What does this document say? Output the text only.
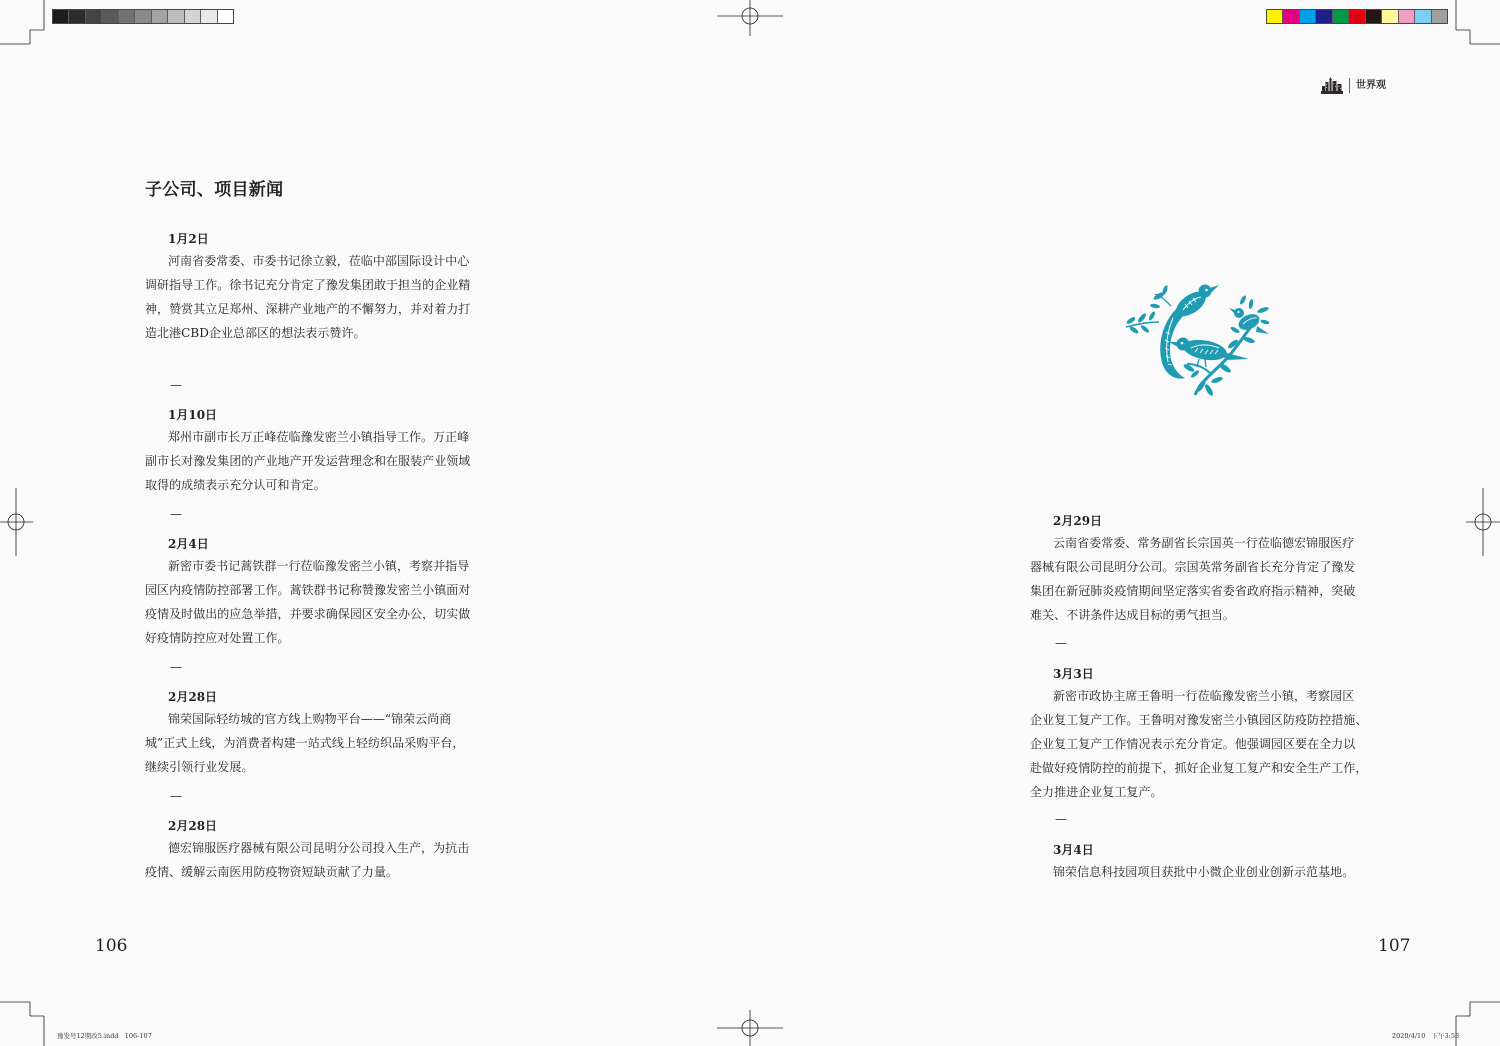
世界观
子公司、项目新闻
1月2日
河南省委常委、市委书记徐立毅，莅临中部国际设计中心
调研指导工作。徐书记充分肯定了豫发集团敢于担当的企业精
神，赞赏其立足郑州、深耕产业地产的不懈努力，并对着力打
造北港CBD企业总部区的想法表示赞许。
—
1月10日
郑州市副市长万正峰莅临豫发密兰小镇指导工作。万正峰
副市长对豫发集团的产业地产开发运营理念和在服装产业领域
取得的成绩表示充分认可和肯定。
—
2月4日
新密市委书记蒿铁群一行莅临豫发密兰小镇，考察并指导
园区内疫情防控部署工作。蒿铁群书记称赞豫发密兰小镇面对
疫情及时做出的应急举措，并要求确保园区安全办公，切实做
好疫情防控应对处置工作。
—
2月28日
锦荣国际轻纺城的官方线上购物平台——“锦荣云尚商
城”正式上线，为消费者构建一站式线上轻纺织品采购平台，
继续引领行业发展。
—
2月28日
德宏锦服医疗器械有限公司昆明分公司投入生产，为抗击
疫情、缓解云南医用防疫物资短缺贡献了力量。
106
2月29日
云南省委常委、常务副省长宗国英一行莅临德宏锦服医疗
器械有限公司昆明分公司。宗国英常务副省长充分肯定了豫发
集团在新冠肺炎疫情期间坚定落实省委省政府指示精神，突破
难关、不讲条件达成目标的勇气担当。
—
3月3日
新密市政协主席王鲁明一行莅临豫发密兰小镇，考察园区
企业复工复产工作。王鲁明对豫发密兰小镇园区防疫防控措施、
企业复工复产工作情况表示充分肯定。他强调园区要在全力以
赴做好疫情防控的前提下，抓好企业复工复产和安全生产工作，
全力推进企业复工复产。
—
3月4日
锦荣信息科技园项目获批中小微企业创业创新示范基地。
107
豫发号12期改5.indd   106-107	2020/4/10   下午3:53
